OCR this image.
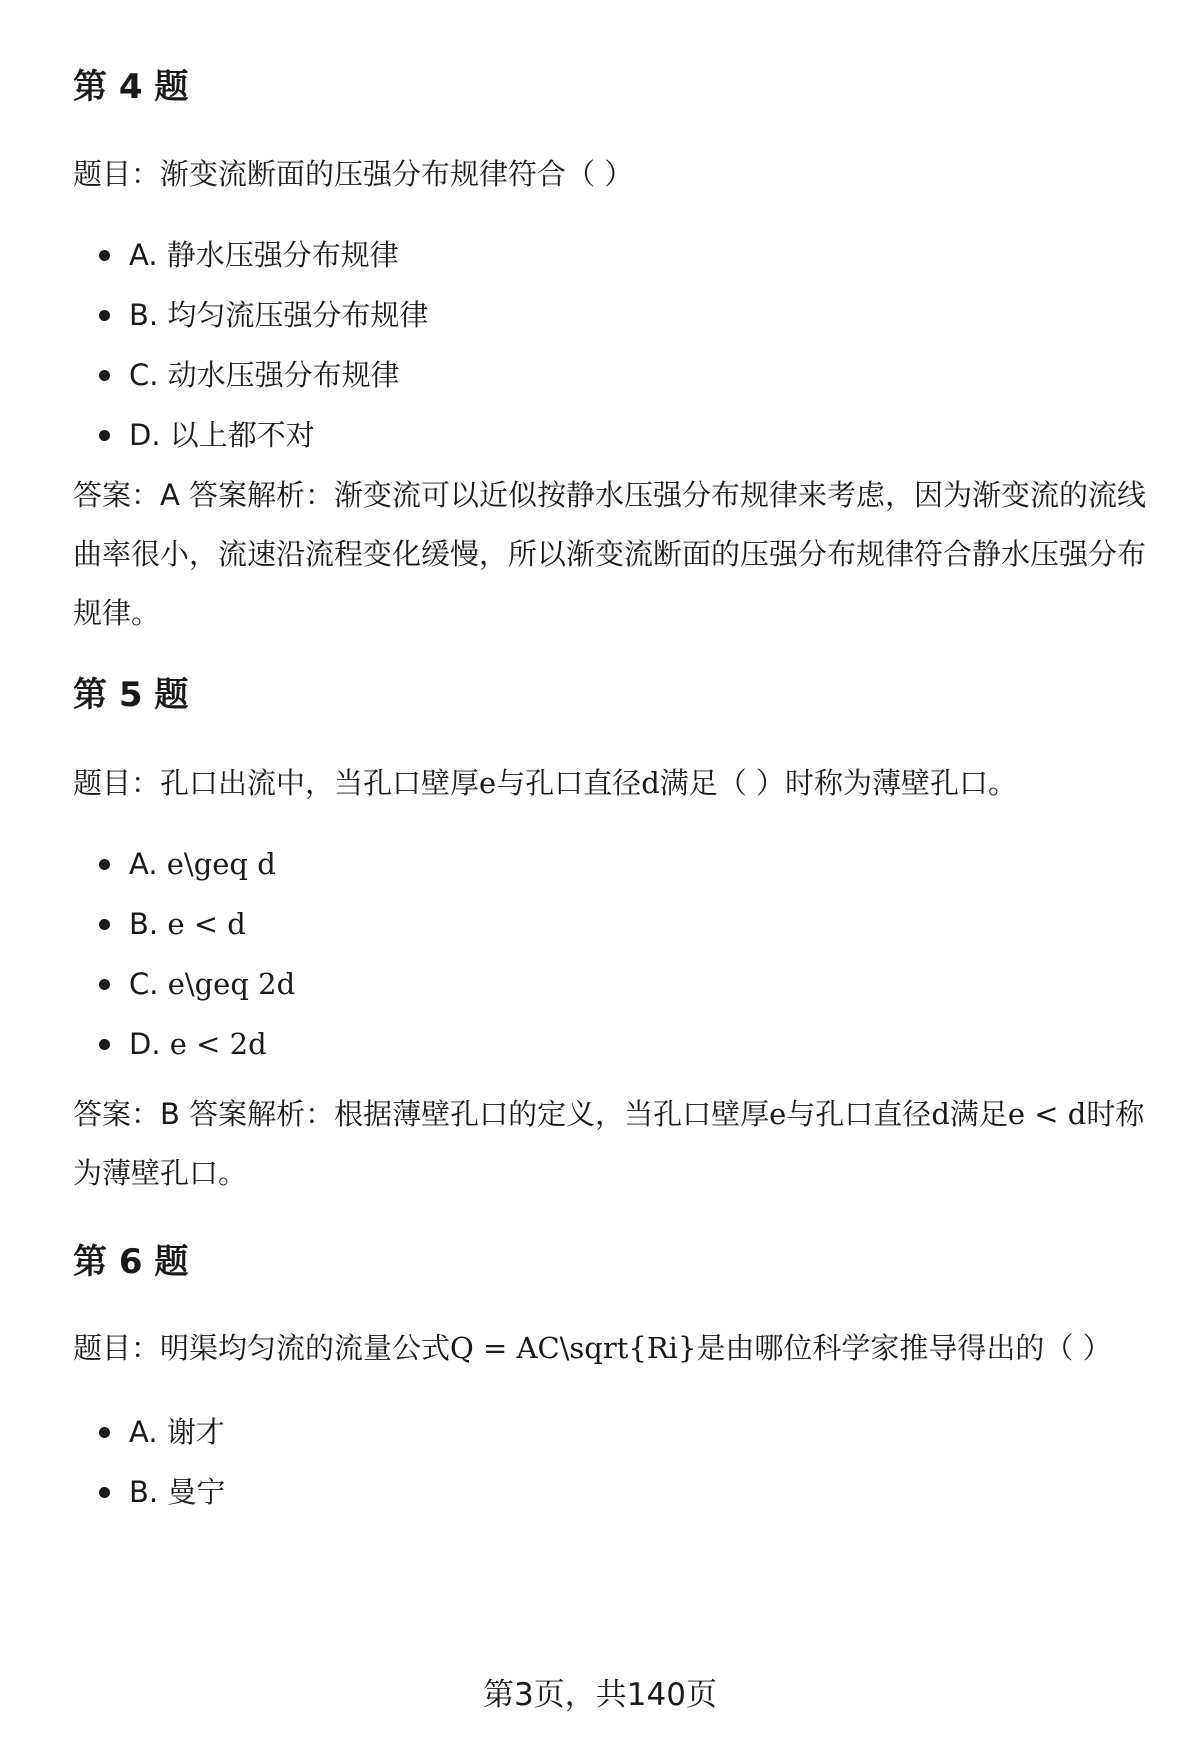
第 4 题

题目：渐变流断面的压强分布规律符合（ ）

A. 静水压强分布规律
B. 均匀流压强分布规律
C. 动水压强分布规律
D. 以上都不对

答案：A 答案解析：渐变流可以近似按静水压强分布规律来考虑，因为渐变流的流线曲率很小，流速沿流程变化缓慢，所以渐变流断面的压强分布规律符合静水压强分布规律。

第 5 题

题目：孔口出流中，当孔口壁厚e与孔口直径d满足（ ）时称为薄壁孔口。

A. e\geq d
B. e < d
C. e\geq 2d
D. e < 2d

答案：B 答案解析：根据薄壁孔口的定义，当孔口壁厚e与孔口直径d满足e < d时称为薄壁孔口。

第 6 题

题目：明渠均匀流的流量公式Q = AC\sqrt{Ri}是由哪位科学家推导得出的（ ）

A. 谢才
B. 曼宁
第3页，共140页
